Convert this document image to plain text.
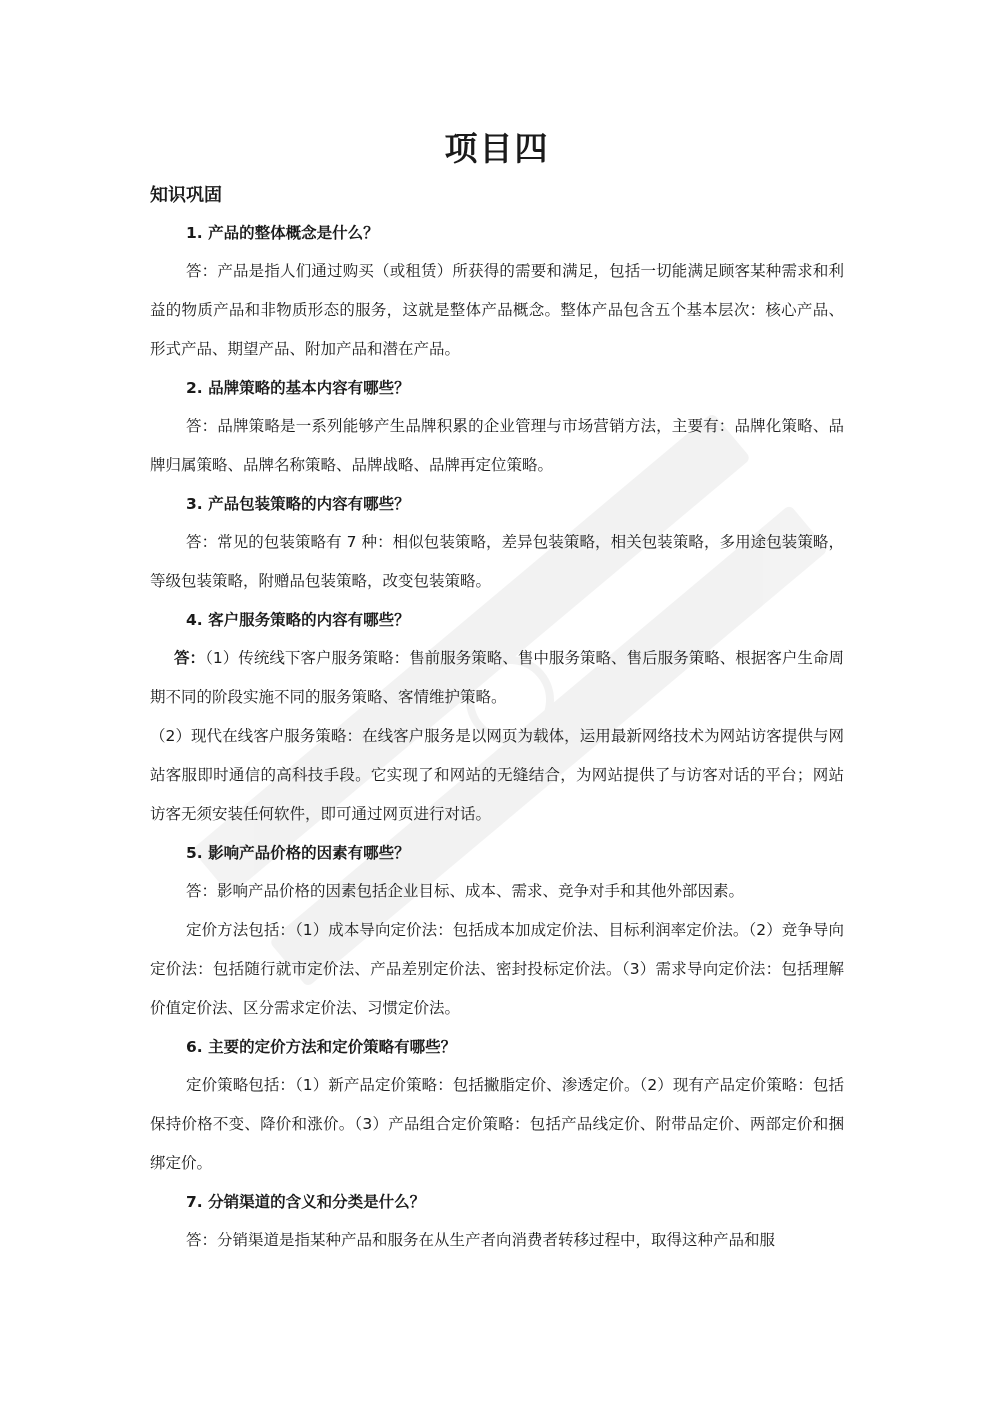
项目四
知识巩固
1. 产品的整体概念是什么？

答：产品是指人们通过购买（或租赁）所获得的需要和满足，包括一切能满足顾客某种需求和利益的物质产品和非物质形态的服务，这就是整体产品概念。整体产品包含五个基本层次：核心产品、形式产品、期望产品、附加产品和潜在产品。

2. 品牌策略的基本内容有哪些？

答：品牌策略是一系列能够产生品牌积累的企业管理与市场营销方法，主要有：品牌化策略、品牌归属策略、品牌名称策略、品牌战略、品牌再定位策略。

3. 产品包装策略的内容有哪些？

答：常见的包装策略有 7 种：相似包装策略，差异包装策略，相关包装策略，多用途包装策略，等级包装策略，附赠品包装策略，改变包装策略。

4. 客户服务策略的内容有哪些？

答：（1）传统线下客户服务策略：售前服务策略、售中服务策略、售后服务策略、根据客户生命周期不同的阶段实施不同的服务策略、客情维护策略。

（2）现代在线客户服务策略：在线客户服务是以网页为载体，运用最新网络技术为网站访客提供与网站客服即时通信的高科技手段。它实现了和网站的无缝结合，为网站提供了与访客对话的平台；网站访客无须安装任何软件，即可通过网页进行对话。

5. 影响产品价格的因素有哪些？

答：影响产品价格的因素包括企业目标、成本、需求、竞争对手和其他外部因素。

定价方法包括：（1）成本导向定价法：包括成本加成定价法、目标利润率定价法。（2）竞争导向定价法：包括随行就市定价法、产品差别定价法、密封投标定价法。（3）需求导向定价法：包括理解价值定价法、区分需求定价法、习惯定价法。

6. 主要的定价方法和定价策略有哪些？

定价策略包括：（1）新产品定价策略：包括撇脂定价、渗透定价。（2）现有产品定价策略：包括保持价格不变、降价和涨价。（3）产品组合定价策略：包括产品线定价、附带品定价、两部定价和捆绑定价。

7. 分销渠道的含义和分类是什么？

答：分销渠道是指某种产品和服务在从生产者向消费者转移过程中，取得这种产品和服
